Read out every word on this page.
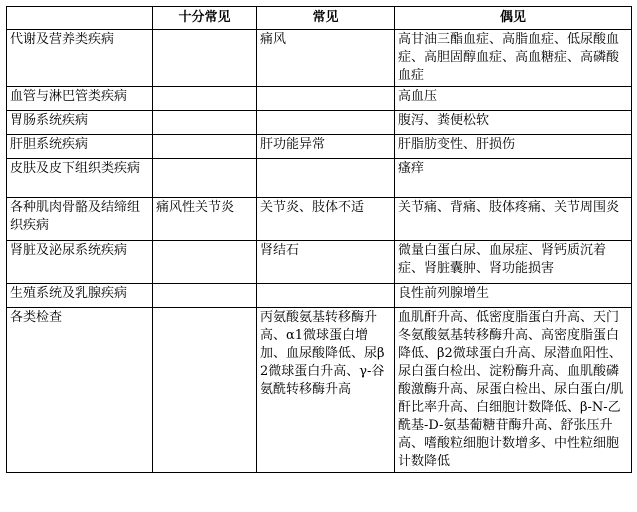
	十分常见	常见	偶见
代谢及营养类疾病		痛风	高甘油三酯血症、高脂血症、低尿酸血症、高胆固醇血症、高血糖症、高磷酸血症
血管与淋巴管类疾病			高血压
胃肠系统疾病			腹泻、粪便松软
肝胆系统疾病		肝功能异常	肝脂肪变性、肝损伤
皮肤及皮下组织类疾病			瘙痒
各种肌肉骨骼及结缔组织疾病	痛风性关节炎	关节炎、肢体不适	关节痛、背痛、肢体疼痛、关节周围炎
肾脏及泌尿系统疾病		肾结石	微量白蛋白尿、血尿症、肾钙质沉着症、肾脏囊肿、肾功能损害
生殖系统及乳腺疾病			良性前列腺增生
各类检查		丙氨酸氨基转移酶升高、α1微球蛋白增加、血尿酸降低、尿β2微球蛋白升高、γ-谷氨酰转移酶升高	血肌酐升高、低密度脂蛋白升高、天门冬氨酸氨基转移酶升高、高密度脂蛋白降低、β2微球蛋白升高、尿潜血阳性、尿白蛋白检出、淀粉酶升高、血肌酸磷酸激酶升高、尿蛋白检出、尿白蛋白/肌酐比率升高、白细胞计数降低、β-N-乙酰基-D-氨基葡糖苷酶升高、舒张压升高、嗜酸粒细胞计数增多、中性粒细胞计数降低
